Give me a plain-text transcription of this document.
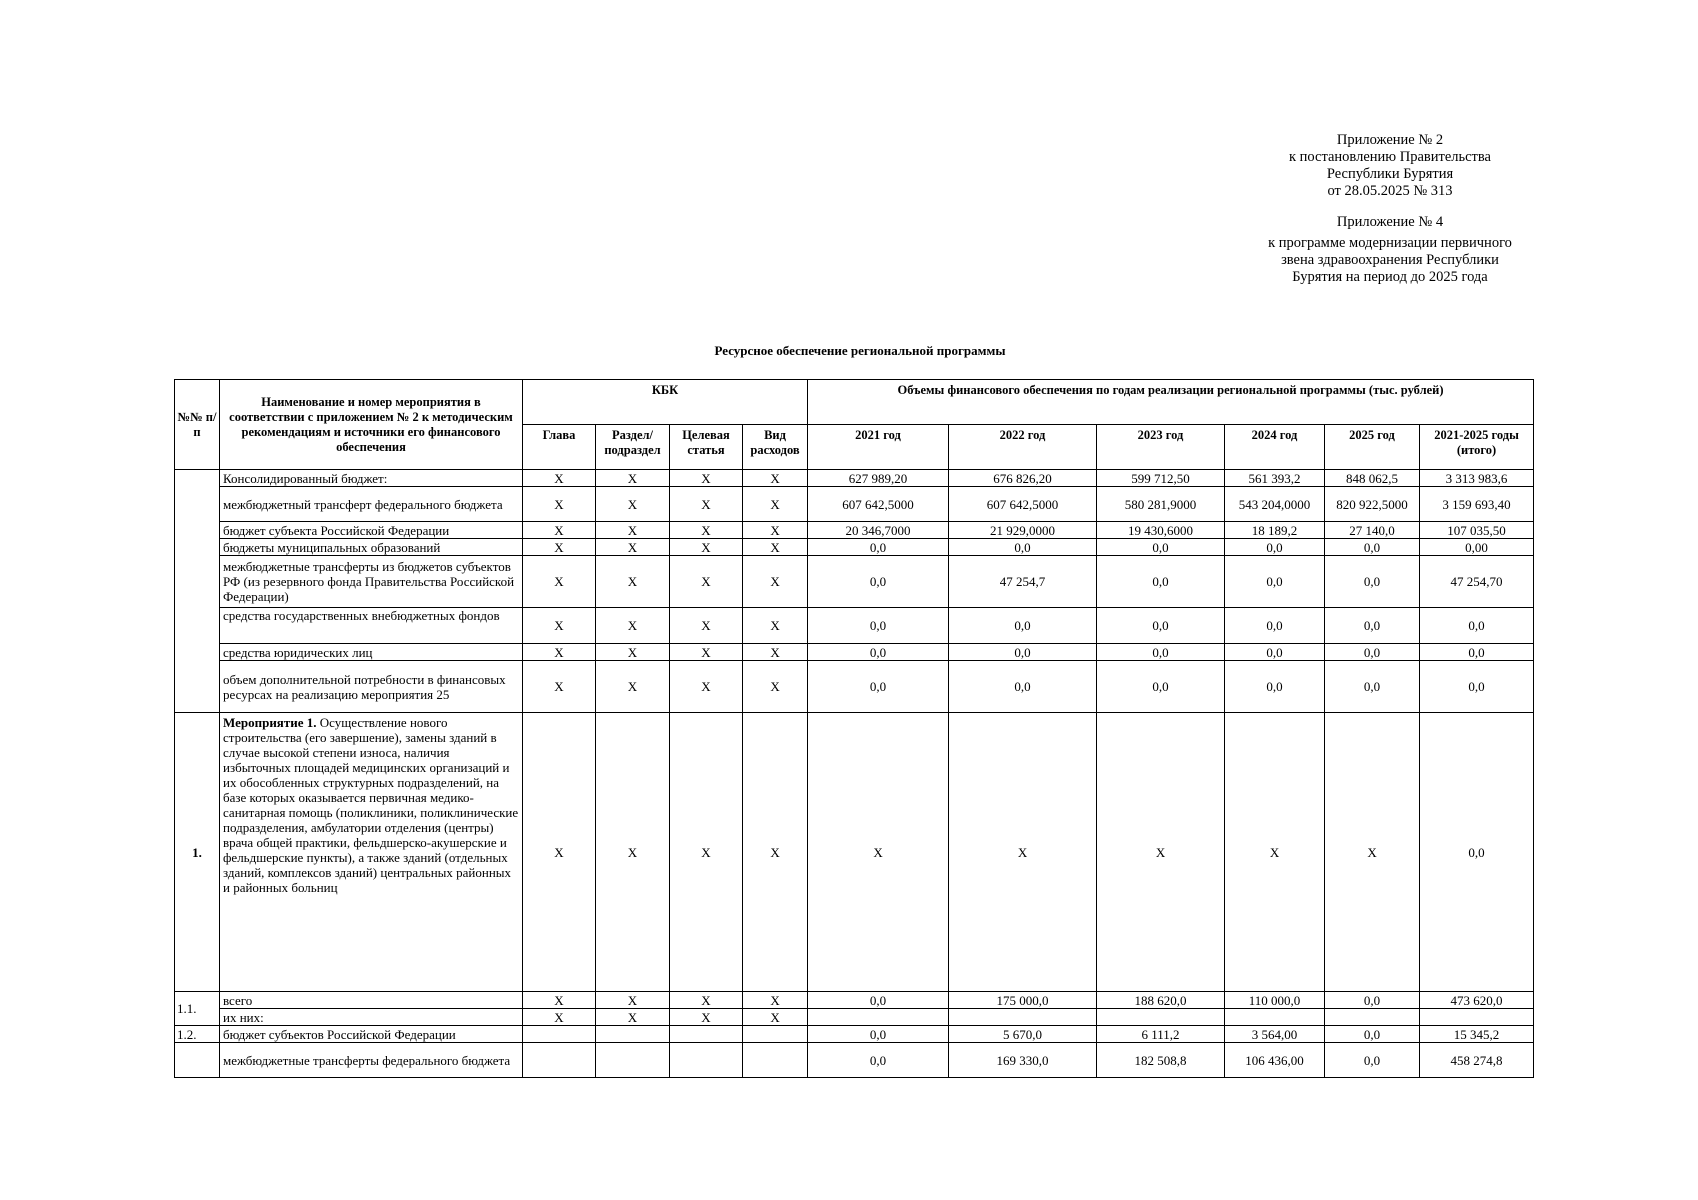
Приложение № 2
к постановлению Правительства
Республики Бурятия
от 28.05.2025 № 313
Приложение № 4
к программе модернизации первичного
звена здравоохранения Республики
Бурятия на период до 2025 года
Ресурсное обеспечение региональной программы
№№ п/п	Наименование и номер мероприятия в соответствии с приложением № 2 к методическим рекомендациям и источники его финансового обеспечения	КБК				Объемы финансового обеспечения по годам реализации региональной программы (тыс. рублей)					
		Глава	Раздел/ подраздел	Целевая статья	Вид расходов	2021 год	2022 год	2023 год	2024 год	2025 год	2021-2025 годы (итого)
	Консолидированный бюджет:	X	X	X	X	627 989,20	676 826,20	599 712,50	561 393,2	848 062,5	3 313 983,6
	межбюджетный трансферт федерального бюджета	X	X	X	X	607 642,5000	607 642,5000	580 281,9000	543 204,0000	820 922,5000	3 159 693,40
	бюджет субъекта Российской Федерации	X	X	X	X	20 346,7000	21 929,0000	19 430,6000	18 189,2	27 140,0	107 035,50
	бюджеты муниципальных образований	X	X	X	X	0,0	0,0	0,0	0,0	0,0	0,00
	межбюджетные трансферты из бюджетов субъектов РФ (из резервного фонда Правительства Российской Федерации)	X	X	X	X	0,0	47 254,7	0,0	0,0	0,0	47 254,70
	средства государственных внебюджетных фондов	X	X	X	X	0,0	0,0	0,0	0,0	0,0	0,0
	средства юридических лиц	X	X	X	X	0,0	0,0	0,0	0,0	0,0	0,0
	объем дополнительной потребности в финансовых ресурсах на реализацию мероприятия 25	X	X	X	X	0,0	0,0	0,0	0,0	0,0	0,0
1.	Мероприятие 1. Осуществление нового строительства (его завершение), замены зданий в случае высокой степени износа, наличия избыточных площадей медицинских организаций и их обособленных структурных подразделений, на базе которых оказывается первичная медико-санитарная помощь (поликлиники, поликлинические подразделения, амбулатории отделения (центры) врача общей практики, фельдшерско-акушерские и фельдшерские пункты), а также зданий (отдельных зданий, комплексов зданий) центральных районных и районных больниц	X	X	X	X	X	X	X	X	X	0,0
1.1.	всего	X	X	X	X	0,0	175 000,0	188 620,0	110 000,0	0,0	473 620,0
	их них:	X	X	X	X						
1.2.	бюджет субъектов Российской Федерации					0,0	5 670,0	6 111,2	3 564,00	0,0	15 345,2
	межбюджетные трансферты федерального бюджета					0,0	169 330,0	182 508,8	106 436,00	0,0	458 274,8
